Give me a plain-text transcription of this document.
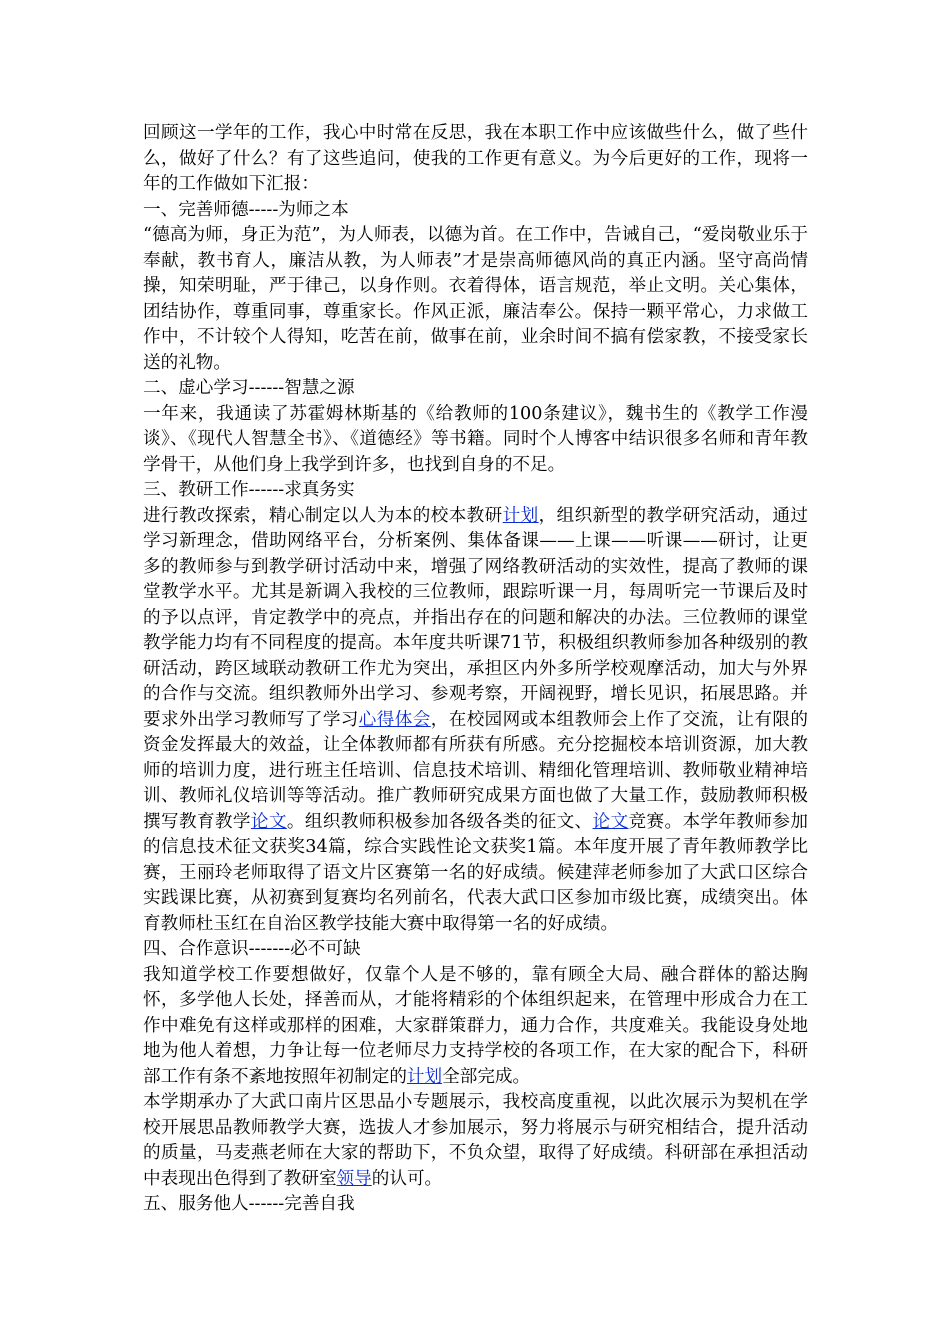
回顾这一学年的工作，我心中时常在反思，我在本职工作中应该做些什么，做了些什么，做好了什么？有了这些追问，使我的工作更有意义。为今后更好的工作，现将一年的工作做如下汇报：

一、完善师德-----为师之本

“德高为师，身正为范”，为人师表，以德为首。在工作中，告诫自己，“爱岗敬业乐于奉献，教书育人，廉洁从教，为人师表”才是崇高师德风尚的真正内涵。坚守高尚情操，知荣明耻，严于律己，以身作则。衣着得体，语言规范，举止文明。关心集体，团结协作，尊重同事，尊重家长。作风正派，廉洁奉公。保持一颗平常心，力求做工作中，不计较个人得知，吃苦在前，做事在前，业余时间不搞有偿家教，不接受家长送的礼物。

二、虚心学习------智慧之源

一年来，我通读了苏霍姆林斯基的《给教师的100条建议》，魏书生的《教学工作漫谈》、《现代人智慧全书》、《道德经》等书籍。同时个人博客中结识很多名师和青年教学骨干，从他们身上我学到许多，也找到自身的不足。

三、教研工作------求真务实

进行教改探索，精心制定以人为本的校本教研计划，组织新型的教学研究活动，通过学习新理念，借助网络平台，分析案例、集体备课——上课——听课——研讨，让更多的教师参与到教学研讨活动中来，增强了网络教研活动的实效性，提高了教师的课堂教学水平。尤其是新调入我校的三位教师，跟踪听课一月，每周听完一节课后及时的予以点评，肯定教学中的亮点，并指出存在的问题和解决的办法。三位教师的课堂教学能力均有不同程度的提高。本年度共听课71节，积极组织教师参加各种级别的教研活动，跨区域联动教研工作尤为突出，承担区内外多所学校观摩活动，加大与外界的合作与交流。组织教师外出学习、参观考察，开阔视野，增长见识，拓展思路。并要求外出学习教师写了学习心得体会，在校园网或本组教师会上作了交流，让有限的资金发挥最大的效益，让全体教师都有所获有所感。充分挖掘校本培训资源，加大教师的培训力度，进行班主任培训、信息技术培训、精细化管理培训、教师敬业精神培训、教师礼仪培训等等活动。推广教师研究成果方面也做了大量工作，鼓励教师积极撰写教育教学论文。组织教师积极参加各级各类的征文、论文竞赛。本学年教师参加的信息技术征文获奖34篇，综合实践性论文获奖1篇。本年度开展了青年教师教学比赛，王丽玲老师取得了语文片区赛第一名的好成绩。候建萍老师参加了大武口区综合实践课比赛，从初赛到复赛均名列前名，代表大武口区参加市级比赛，成绩突出。体育教师杜玉红在自治区教学技能大赛中取得第一名的好成绩。

四、合作意识-------必不可缺

我知道学校工作要想做好，仅靠个人是不够的，靠有顾全大局、融合群体的豁达胸怀，多学他人长处，择善而从，才能将精彩的个体组织起来，在管理中形成合力在工作中难免有这样或那样的困难，大家群策群力，通力合作，共度难关。我能设身处地地为他人着想，力争让每一位老师尽力支持学校的各项工作，在大家的配合下，科研部工作有条不紊地按照年初制定的计划全部完成。

本学期承办了大武口南片区思品小专题展示，我校高度重视，以此次展示为契机在学校开展思品教师教学大赛，选拔人才参加展示，努力将展示与研究相结合，提升活动的质量，马麦燕老师在大家的帮助下，不负众望，取得了好成绩。科研部在承担活动中表现出色得到了教研室领导的认可。

五、服务他人------完善自我
